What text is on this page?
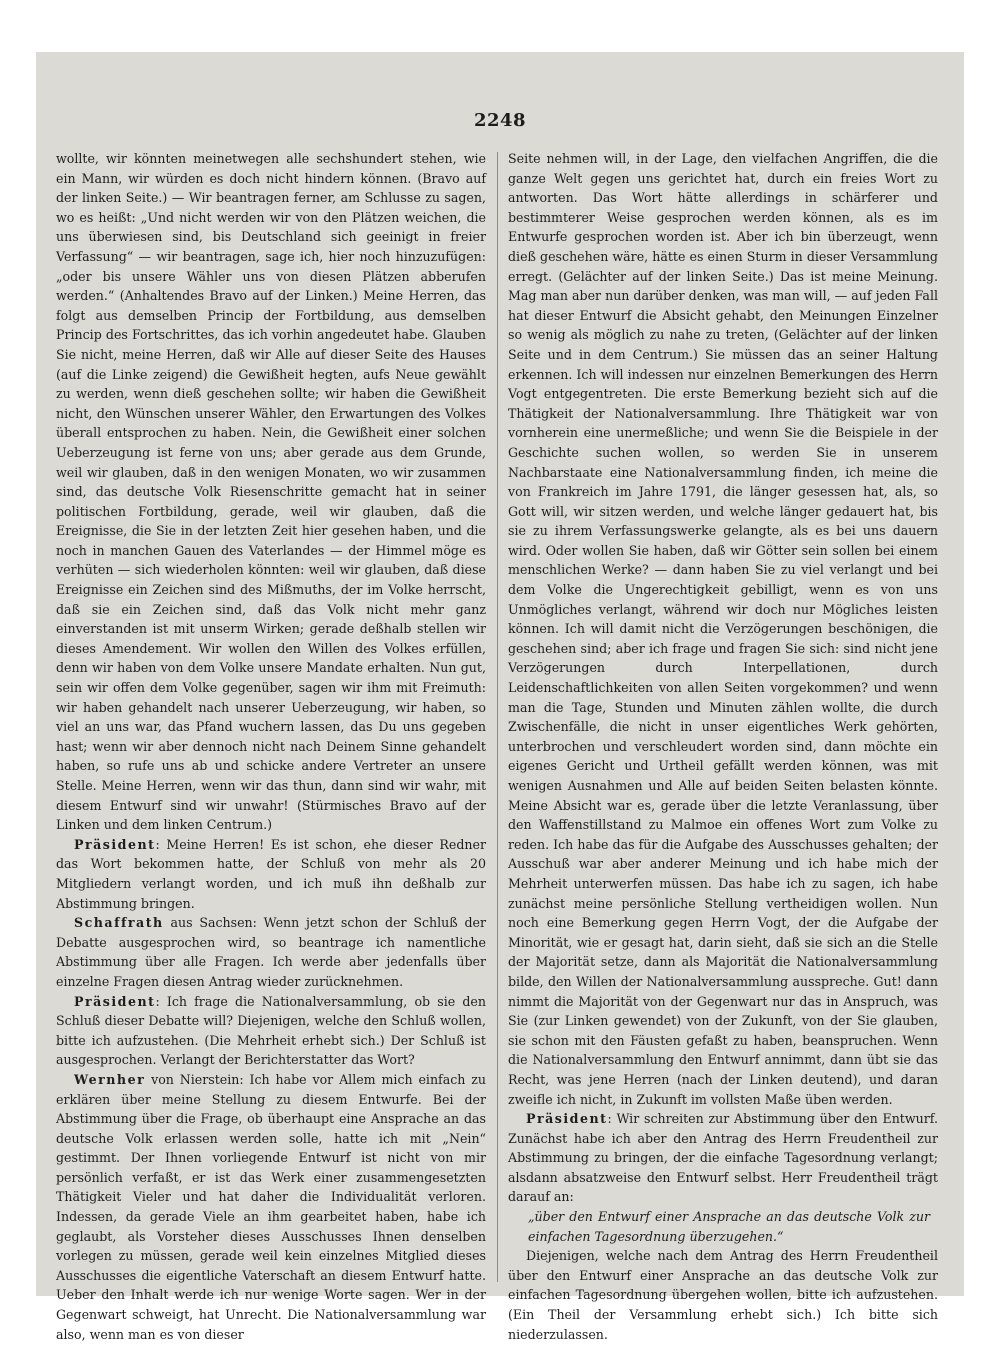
2248

wollte, wir könnten meinetwegen alle sechshundert stehen, wie ein Mann, wir würden es doch nicht hindern können. (Bravo auf der linken Seite.) — Wir beantragen ferner, am Schlusse zu sagen, wo es heißt: „Und nicht werden wir von den Plätzen weichen, die uns überwiesen sind, bis Deutschland sich geeinigt in freier Verfassung“ — wir beantragen, sage ich, hier noch hinzuzufügen: „oder bis unsere Wähler uns von diesen Plätzen abberufen werden.“ (Anhaltendes Bravo auf der Linken.) Meine Herren, das folgt aus demselben Princip der Fortbildung, aus demselben Princip des Fortschrittes, das ich vorhin angedeutet habe. Glauben Sie nicht, meine Herren, daß wir Alle auf dieser Seite des Hauses (auf die Linke zeigend) die Gewißheit hegten, aufs Neue gewählt zu werden, wenn dieß geschehen sollte; wir haben die Gewißheit nicht, den Wünschen unserer Wähler, den Erwartungen des Volkes überall entsprochen zu haben. Nein, die Gewißheit einer solchen Ueberzeugung ist ferne von uns; aber gerade aus dem Grunde, weil wir glauben, daß in den wenigen Monaten, wo wir zusammen sind, das deutsche Volk Riesenschritte gemacht hat in seiner politischen Fortbildung, gerade, weil wir glauben, daß die Ereignisse, die Sie in der letzten Zeit hier gesehen haben, und die noch in manchen Gauen des Vaterlandes — der Himmel möge es verhüten — sich wiederholen könnten: weil wir glauben, daß diese Ereignisse ein Zeichen sind des Mißmuths, der im Volke herrscht, daß sie ein Zeichen sind, daß das Volk nicht mehr ganz einverstanden ist mit unserm Wirken; gerade deßhalb stellen wir dieses Amendement. Wir wollen den Willen des Volkes erfüllen, denn wir haben von dem Volke unsere Mandate erhalten. Nun gut, sein wir offen dem Volke gegenüber, sagen wir ihm mit Freimuth: wir haben gehandelt nach unserer Ueberzeugung, wir haben, so viel an uns war, das Pfand wuchern lassen, das Du uns gegeben hast; wenn wir aber dennoch nicht nach Deinem Sinne gehandelt haben, so rufe uns ab und schicke andere Vertreter an unsere Stelle. Meine Herren, wenn wir das thun, dann sind wir wahr, mit diesem Entwurf sind wir unwahr! (Stürmisches Bravo auf der Linken und dem linken Centrum.)

Präsident: Meine Herren! Es ist schon, ehe dieser Redner das Wort bekommen hatte, der Schluß von mehr als 20 Mitgliedern verlangt worden, und ich muß ihn deßhalb zur Abstimmung bringen.

Schaffrath aus Sachsen: Wenn jetzt schon der Schluß der Debatte ausgesprochen wird, so beantrage ich namentliche Abstimmung über alle Fragen. Ich werde aber jedenfalls über einzelne Fragen diesen Antrag wieder zurücknehmen.

Präsident: Ich frage die Nationalversammlung, ob sie den Schluß dieser Debatte will? Diejenigen, welche den Schluß wollen, bitte ich aufzustehen. (Die Mehrheit erhebt sich.) Der Schluß ist ausgesprochen. Verlangt der Berichterstatter das Wort?

Wernher von Nierstein: Ich habe vor Allem mich einfach zu erklären über meine Stellung zu diesem Entwurfe. Bei der Abstimmung über die Frage, ob überhaupt eine Ansprache an das deutsche Volk erlassen werden solle, hatte ich mit „Nein“ gestimmt. Der Ihnen vorliegende Entwurf ist nicht von mir persönlich verfaßt, er ist das Werk einer zusammengesetzten Thätigkeit Vieler und hat daher die Individualität verloren. Indessen, da gerade Viele an ihm gearbeitet haben, habe ich geglaubt, als Vorsteher dieses Ausschusses Ihnen denselben vorlegen zu müssen, gerade weil kein einzelnes Mitglied dieses Ausschusses die eigentliche Vaterschaft an diesem Entwurf hatte. Ueber den Inhalt werde ich nur wenige Worte sagen. Wer in der Gegenwart schweigt, hat Unrecht. Die Nationalversammlung war also, wenn man es von dieser

Seite nehmen will, in der Lage, den vielfachen Angriffen, die die ganze Welt gegen uns gerichtet hat, durch ein freies Wort zu antworten. Das Wort hätte allerdings in schärferer und bestimmterer Weise gesprochen werden können, als es im Entwurfe gesprochen worden ist. Aber ich bin überzeugt, wenn dieß geschehen wäre, hätte es einen Sturm in dieser Versammlung erregt. (Gelächter auf der linken Seite.) Das ist meine Meinung. Mag man aber nun darüber denken, was man will, — auf jeden Fall hat dieser Entwurf die Absicht gehabt, den Meinungen Einzelner so wenig als möglich zu nahe zu treten, (Gelächter auf der linken Seite und in dem Centrum.) Sie müssen das an seiner Haltung erkennen. Ich will indessen nur einzelnen Bemerkungen des Herrn Vogt entgegentreten. Die erste Bemerkung bezieht sich auf die Thätigkeit der Nationalversammlung. Ihre Thätigkeit war von vornherein eine unermeßliche; und wenn Sie die Beispiele in der Geschichte suchen wollen, so werden Sie in unserem Nachbarstaate eine Nationalversammlung finden, ich meine die von Frankreich im Jahre 1791, die länger gesessen hat, als, so Gott will, wir sitzen werden, und welche länger gedauert hat, bis sie zu ihrem Verfassungswerke gelangte, als es bei uns dauern wird. Oder wollen Sie haben, daß wir Götter sein sollen bei einem menschlichen Werke? — dann haben Sie zu viel verlangt und bei dem Volke die Ungerechtigkeit gebilligt, wenn es von uns Unmögliches verlangt, während wir doch nur Mögliches leisten können. Ich will damit nicht die Verzögerungen beschönigen, die geschehen sind; aber ich frage und fragen Sie sich: sind nicht jene Verzögerungen durch Interpellationen, durch Leidenschaftlichkeiten von allen Seiten vorgekommen? und wenn man die Tage, Stunden und Minuten zählen wollte, die durch Zwischenfälle, die nicht in unser eigentliches Werk gehörten, unterbrochen und verschleudert worden sind, dann möchte ein eigenes Gericht und Urtheil gefällt werden können, was mit wenigen Ausnahmen und Alle auf beiden Seiten belasten könnte. Meine Absicht war es, gerade über die letzte Veranlassung, über den Waffenstillstand zu Malmoe ein offenes Wort zum Volke zu reden. Ich habe das für die Aufgabe des Ausschusses gehalten; der Ausschuß war aber anderer Meinung und ich habe mich der Mehrheit unterwerfen müssen. Das habe ich zu sagen, ich habe zunächst meine persönliche Stellung vertheidigen wollen. Nun noch eine Bemerkung gegen Herrn Vogt, der die Aufgabe der Minorität, wie er gesagt hat, darin sieht, daß sie sich an die Stelle der Majorität setze, dann als Majorität die Nationalversammlung bilde, den Willen der Nationalversammlung ausspreche. Gut! dann nimmt die Majorität von der Gegenwart nur das in Anspruch, was Sie (zur Linken gewendet) von der Zukunft, von der Sie glauben, sie schon mit den Fäusten gefaßt zu haben, beanspruchen. Wenn die Nationalversammlung den Entwurf annimmt, dann übt sie das Recht, was jene Herren (nach der Linken deutend), und daran zweifle ich nicht, in Zukunft im vollsten Maße üben werden.

Präsident: Wir schreiten zur Abstimmung über den Entwurf. Zunächst habe ich aber den Antrag des Herrn Freudentheil zur Abstimmung zu bringen, der die einfache Tagesordnung verlangt; alsdann absatzweise den Entwurf selbst. Herr Freudentheil trägt darauf an:

„über den Entwurf einer Ansprache an das deutsche Volk zur einfachen Tagesordnung überzugehen.“

Diejenigen, welche nach dem Antrag des Herrn Freudentheil über den Entwurf einer Ansprache an das deutsche Volk zur einfachen Tagesordnung übergehen wollen, bitte ich aufzustehen. (Ein Theil der Versammlung erhebt sich.) Ich bitte sich niederzulassen.
